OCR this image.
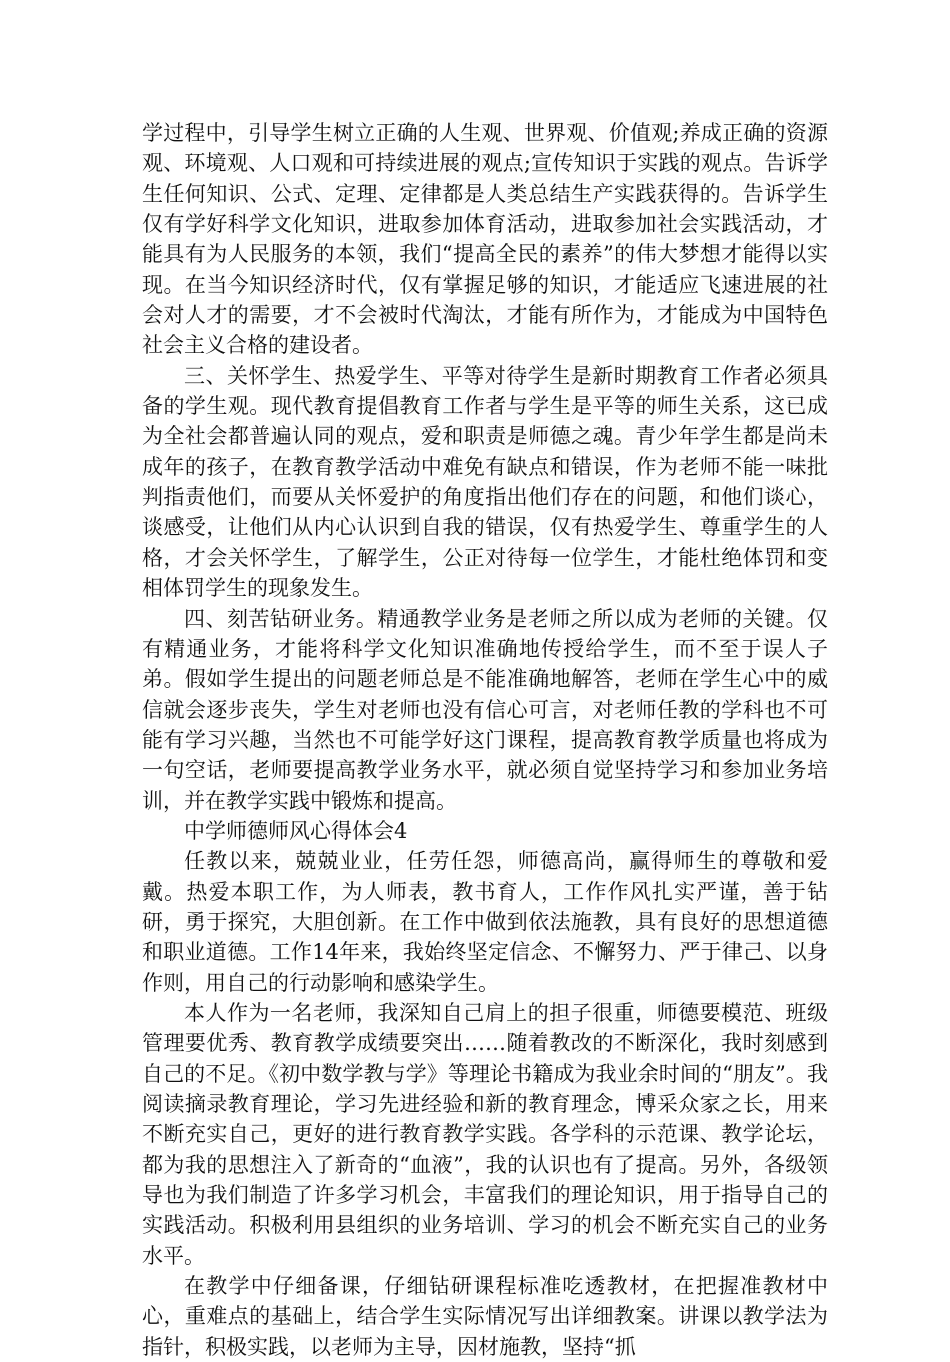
学过程中，引导学生树立正确的人生观、世界观、价值观;养成正确的资源观、环境观、人口观和可持续进展的观点;宣传知识于实践的观点。告诉学生任何知识、公式、定理、定律都是人类总结生产实践获得的。告诉学生仅有学好科学文化知识，进取参加体育活动，进取参加社会实践活动，才能具有为人民服务的本领，我们“提高全民的素养”的伟大梦想才能得以实现。在当今知识经济时代，仅有掌握足够的知识，才能适应飞速进展的社会对人才的需要，才不会被时代淘汰，才能有所作为，才能成为中国特色社会主义合格的建设者。

三、关怀学生、热爱学生、平等对待学生是新时期教育工作者必须具备的学生观。现代教育提倡教育工作者与学生是平等的师生关系，这已成为全社会都普遍认同的观点，爱和职责是师德之魂。青少年学生都是尚未成年的孩子，在教育教学活动中难免有缺点和错误，作为老师不能一味批判指责他们，而要从关怀爱护的角度指出他们存在的问题，和他们谈心，谈感受，让他们从内心认识到自我的错误，仅有热爱学生、尊重学生的人格，才会关怀学生，了解学生，公正对待每一位学生，才能杜绝体罚和变相体罚学生的现象发生。

四、刻苦钻研业务。精通教学业务是老师之所以成为老师的关键。仅有精通业务，才能将科学文化知识准确地传授给学生，而不至于误人子弟。假如学生提出的问题老师总是不能准确地解答，老师在学生心中的威信就会逐步丧失，学生对老师也没有信心可言，对老师任教的学科也不可能有学习兴趣，当然也不可能学好这门课程，提高教育教学质量也将成为一句空话，老师要提高教学业务水平，就必须自觉坚持学习和参加业务培训，并在教学实践中锻炼和提高。

中学师德师风心得体会4

任教以来，兢兢业业，任劳任怨，师德高尚，赢得师生的尊敬和爱戴。热爱本职工作，为人师表，教书育人，工作作风扎实严谨，善于钻研，勇于探究，大胆创新。在工作中做到依法施教，具有良好的思想道德和职业道德。工作14年来，我始终坚定信念、不懈努力、严于律己、以身作则，用自己的行动影响和感染学生。

本人作为一名老师，我深知自己肩上的担子很重，师德要模范、班级管理要优秀、教育教学成绩要突出……随着教改的不断深化，我时刻感到自己的不足。《初中数学教与学》等理论书籍成为我业余时间的“朋友”。我阅读摘录教育理论，学习先进经验和新的教育理念，博采众家之长，用来不断充实自己，更好的进行教育教学实践。各学科的示范课、教学论坛，都为我的思想注入了新奇的“血液”，我的认识也有了提高。另外，各级领导也为我们制造了许多学习机会，丰富我们的理论知识，用于指导自己的实践活动。积极利用县组织的业务培训、学习的机会不断充实自己的业务水平。

在教学中仔细备课，仔细钻研课程标准吃透教材，在把握准教材中心，重难点的基础上，结合学生实际情况写出详细教案。讲课以教学法为指针，积极实践，以老师为主导，因材施教，坚持“抓
